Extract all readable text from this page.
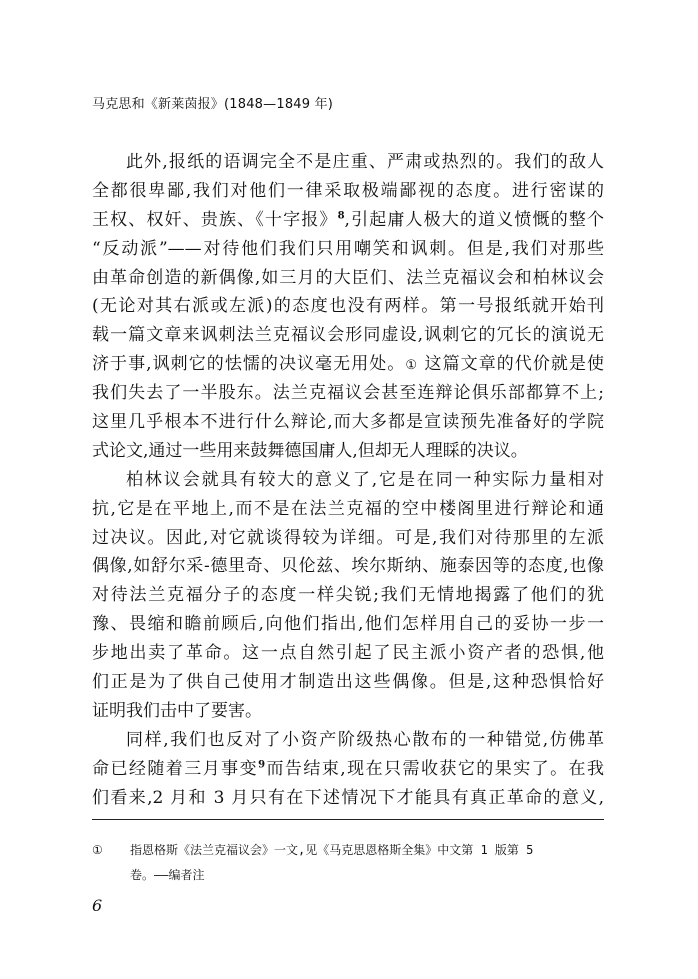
马克思和《新莱茵报》(1848—1849 年)
此外,报纸的语调完全不是庄重、严肃或热烈的。我们的敌人
全都很卑鄙,我们对他们一律采取极端鄙视的态度。进行密谋的
王权、权奸、贵族、《十字报》$^8$,引起庸人极大的道义愤慨的整个
“反动派”——对待他们我们只用嘲笑和讽刺。但是,我们对那些
由革命创造的新偶像,如三月的大臣们、法兰克福议会和柏林议会
(无论对其右派或左派)的态度也没有两样。第一号报纸就开始刊
载一篇文章来讽刺法兰克福议会形同虚设,讽刺它的冗长的演说无
济于事,讽刺它的怯懦的决议毫无用处。① 这篇文章的代价就是使
我们失去了一半股东。法兰克福议会甚至连辩论俱乐部都算不上;
这里几乎根本不进行什么辩论,而大多都是宣读预先准备好的学院
式论文,通过一些用来鼓舞德国庸人,但却无人理睬的决议。
柏林议会就具有较大的意义了,它是在同一种实际力量相对
抗,它是在平地上,而不是在法兰克福的空中楼阁里进行辩论和通
过决议。因此,对它就谈得较为详细。可是,我们对待那里的左派
偶像,如舒尔采-德里奇、贝伦兹、埃尔斯纳、施泰因等的态度,也像
对待法兰克福分子的态度一样尖锐;我们无情地揭露了他们的犹
豫、畏缩和瞻前顾后,向他们指出,他们怎样用自己的妥协一步一
步地出卖了革命。这一点自然引起了民主派小资产者的恐惧,他
们正是为了供自己使用才制造出这些偶像。但是,这种恐惧恰好
证明我们击中了要害。
同样,我们也反对了小资产阶级热心散布的一种错觉,仿佛革
命已经随着三月事变$^9$而告结束,现在只需收获它的果实了。在我
们看来,2 月和 3 月只有在下述情况下才能具有真正革命的意义,
① 指恩格斯《法兰克福议会》一文,见《马克思恩格斯全集》中文第 1 版第 5
卷。——编者注
6
